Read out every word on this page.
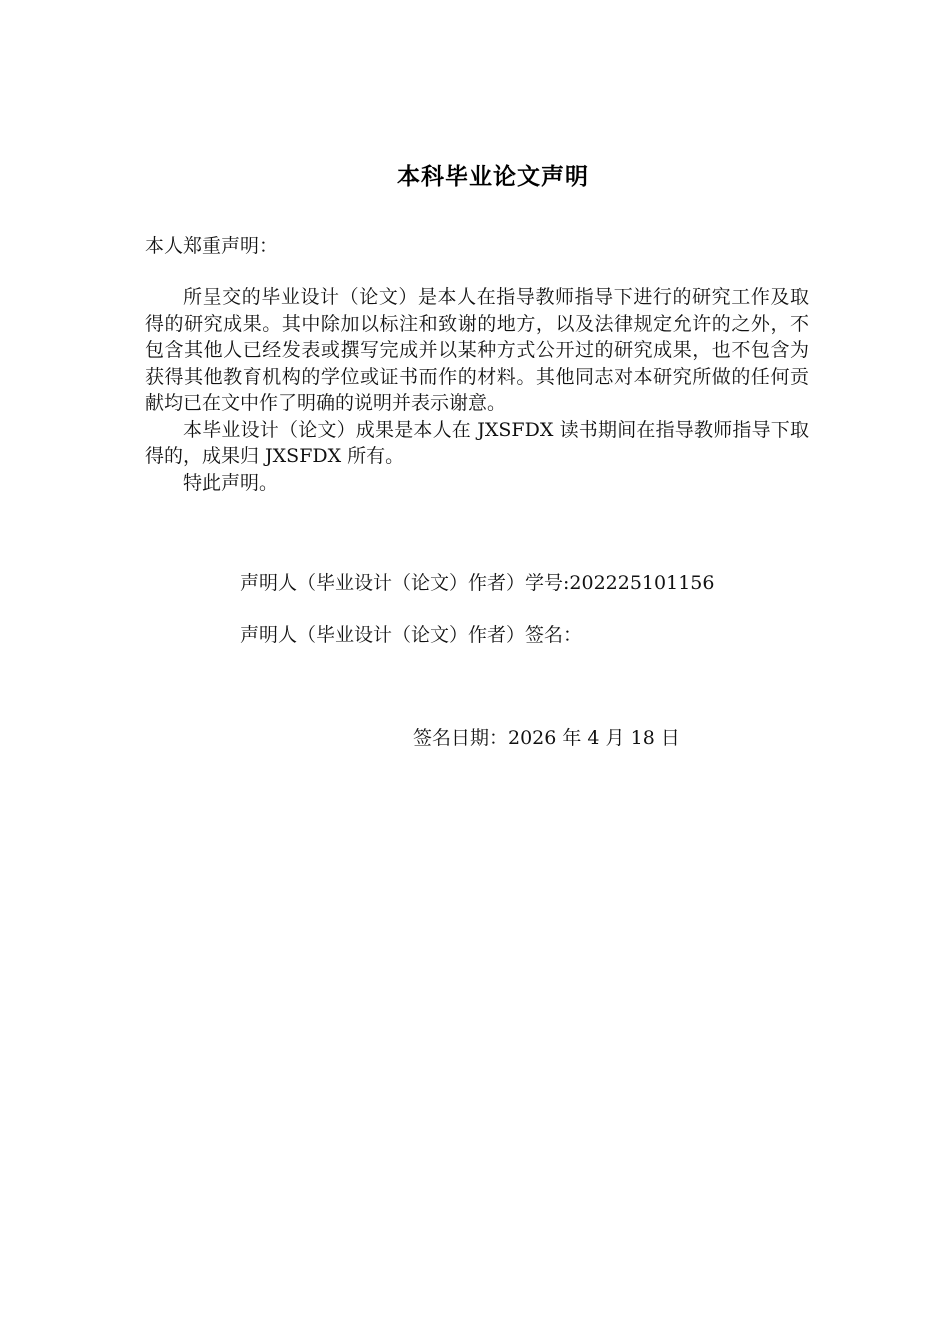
本科毕业论文声明

本人郑重声明：

所呈交的毕业设计（论文）是本人在指导教师指导下进行的研究工作及取得的研究成果。其中除加以标注和致谢的地方，以及法律规定允许的之外，不包含其他人已经发表或撰写完成并以某种方式公开过的研究成果，也不包含为获得其他教育机构的学位或证书而作的材料。其他同志对本研究所做的任何贡献均已在文中作了明确的说明并表示谢意。

本毕业设计（论文）成果是本人在 JXSFDX 读书期间在指导教师指导下取得的，成果归 JXSFDX 所有。

特此声明。

声明人（毕业设计（论文）作者）学号:202225101156

声明人（毕业设计（论文）作者）签名：

签名日期：2026 年 4 月 18 日
